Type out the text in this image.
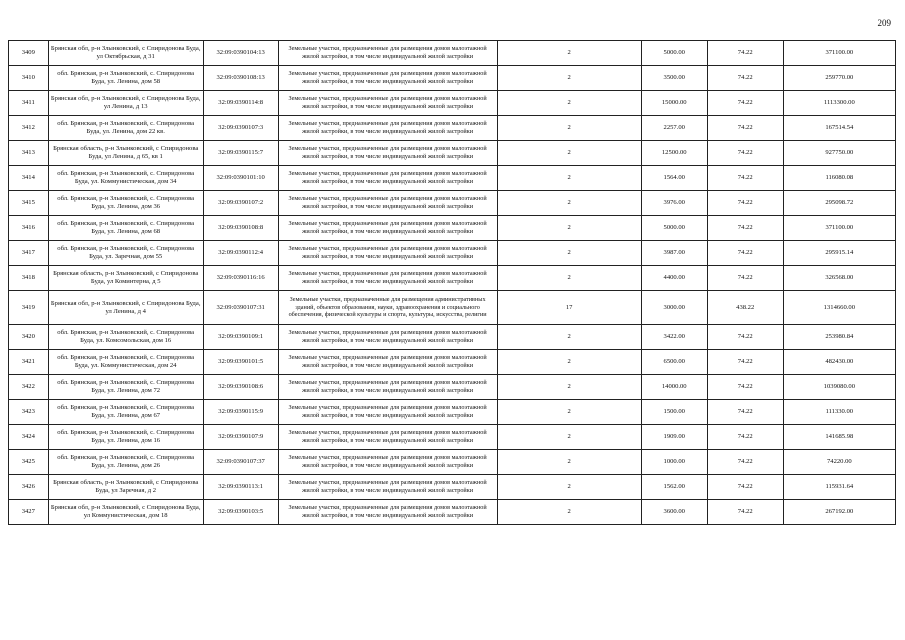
209
3409	Брянская обл, р-н Злынковский, с Спиридонова Буда, ул Октябрьская, д 31	32:09:0390104:13	Земельные участки, предназначенные для размещения домов малоэтажной жилой застройки, в том числе индивидуальной жилой застройки	2	5000.00	74.22	371100.00
3410	обл. Брянская, р-н Злынковский, с. Спиридонова Буда, ул. Ленина, дом 58	32:09:0390108:13	Земельные участки, предназначенные для размещения домов малоэтажной жилой застройки, в том числе индивидуальной жилой застройки	2	3500.00	74.22	259770.00
3411	Брянская обл, р-н Злынковский, с Спиридонова Буда, ул Ленина, д 13	32:09:0390114:8	Земельные участки, предназначенные для размещения домов малоэтажной жилой застройки, в том числе индивидуальной жилой застройки	2	15000.00	74.22	1113300.00
3412	обл. Брянская, р-н Злынковский, с. Спиридонова Буда, ул. Ленина, дом 22 кв.	32:09:0390107:3	Земельные участки, предназначенные для размещения домов малоэтажной жилой застройки, в том числе индивидуальной жилой застройки	2	2257.00	74.22	167514.54
3413	Брянская область, р-н Злынковский, с Спиридонова Буда, ул Ленина, д 65, кв 1	32:09:0390115:7	Земельные участки, предназначенные для размещения домов малоэтажной жилой застройки, в том числе индивидуальной жилой застройки	2	12500.00	74.22	927750.00
3414	обл. Брянская, р-н Злынковский, с. Спиридонова Буда, ул. Коммунистическая, дом 34	32:09:0390101:10	Земельные участки, предназначенные для размещения домов малоэтажной жилой застройки, в том числе индивидуальной жилой застройки	2	1564.00	74.22	116080.08
3415	обл. Брянская, р-н Злынковский, с. Спиридонова Буда, ул. Ленина, дом 36	32:09:0390107:2	Земельные участки, предназначенные для размещения домов малоэтажной жилой застройки, в том числе индивидуальной жилой застройки	2	3976.00	74.22	295098.72
3416	обл. Брянская, р-н Злынковский, с. Спиридонова Буда, ул. Ленина, дом 68	32:09:0390108:8	Земельные участки, предназначенные для размещения домов малоэтажной жилой застройки, в том числе индивидуальной жилой застройки	2	5000.00	74.22	371100.00
3417	обл. Брянская, р-н Злынковский, с. Спиридонова Буда, ул. Заречная, дом 55	32:09:0390112:4	Земельные участки, предназначенные для размещения домов малоэтажной жилой застройки, в том числе индивидуальной жилой застройки	2	3987.00	74.22	295915.14
3418	Брянская область, р-н Злынковский, с Спиридонова Буда, ул Коминтерна, д 5	32:09:0390116:16	Земельные участки, предназначенные для размещения домов малоэтажной жилой застройки, в том числе индивидуальной жилой застройки	2	4400.00	74.22	326568.00
3419	Брянская обл, р-н Злынковский, с Спиридонова Буда, ул Ленина, д 4	32:09:0390107:31	Земельные участки, предназначенные для размещения административных зданий, объектов образования, науки, здравоохранения и социального обеспечения, физической культуры и спорта, культуры, искусства, религии	17	3000.00	438.22	1314660.00
3420	обл. Брянская, р-н Злынковский, с. Спиридонова Буда, ул. Комсомольская, дом 16	32:09:0390109:1	Земельные участки, предназначенные для размещения домов малоэтажной жилой застройки, в том числе индивидуальной жилой застройки	2	3422.00	74.22	253980.84
3421	обл. Брянская, р-н Злынковский, с. Спиридонова Буда, ул. Коммунистическая, дом 24	32:09:0390101:5	Земельные участки, предназначенные для размещения домов малоэтажной жилой застройки, в том числе индивидуальной жилой застройки	2	6500.00	74.22	482430.00
3422	обл. Брянская, р-н Злынковский, с. Спиридонова Буда, ул. Ленина, дом 72	32:09:0390108:6	Земельные участки, предназначенные для размещения домов малоэтажной жилой застройки, в том числе индивидуальной жилой застройки	2	14000.00	74.22	1039080.00
3423	обл. Брянская, р-н Злынковский, с. Спиридонова Буда, ул. Ленина, дом 67	32:09:0390115:9	Земельные участки, предназначенные для размещения домов малоэтажной жилой застройки, в том числе индивидуальной жилой застройки	2	1500.00	74.22	111330.00
3424	обл. Брянская, р-н Злынковский, с. Спиридонова Буда, ул. Ленина, дом 16	32:09:0390107:9	Земельные участки, предназначенные для размещения домов малоэтажной жилой застройки, в том числе индивидуальной жилой застройки	2	1909.00	74.22	141685.98
3425	обл. Брянская, р-н Злынковский, с. Спиридонова Буда, ул. Ленина, дом 26	32:09:0390107:37	Земельные участки, предназначенные для размещения домов малоэтажной жилой застройки, в том числе индивидуальной жилой застройки	2	1000.00	74.22	74220.00
3426	Брянская область, р-н Злынковский, с Спиридонова Буда, ул Заречная, д 2	32:09:0390113:1	Земельные участки, предназначенные для размещения домов малоэтажной жилой застройки, в том числе индивидуальной жилой застройки	2	1562.00	74.22	115931.64
3427	Брянская обл, р-н Злынковский, с Спиридонова Буда, ул Коммунистическая, дом 18	32:09:0390103:5	Земельные участки, предназначенные для размещения домов малоэтажной жилой застройки, в том числе индивидуальной жилой застройки	2	3600.00	74.22	267192.00
